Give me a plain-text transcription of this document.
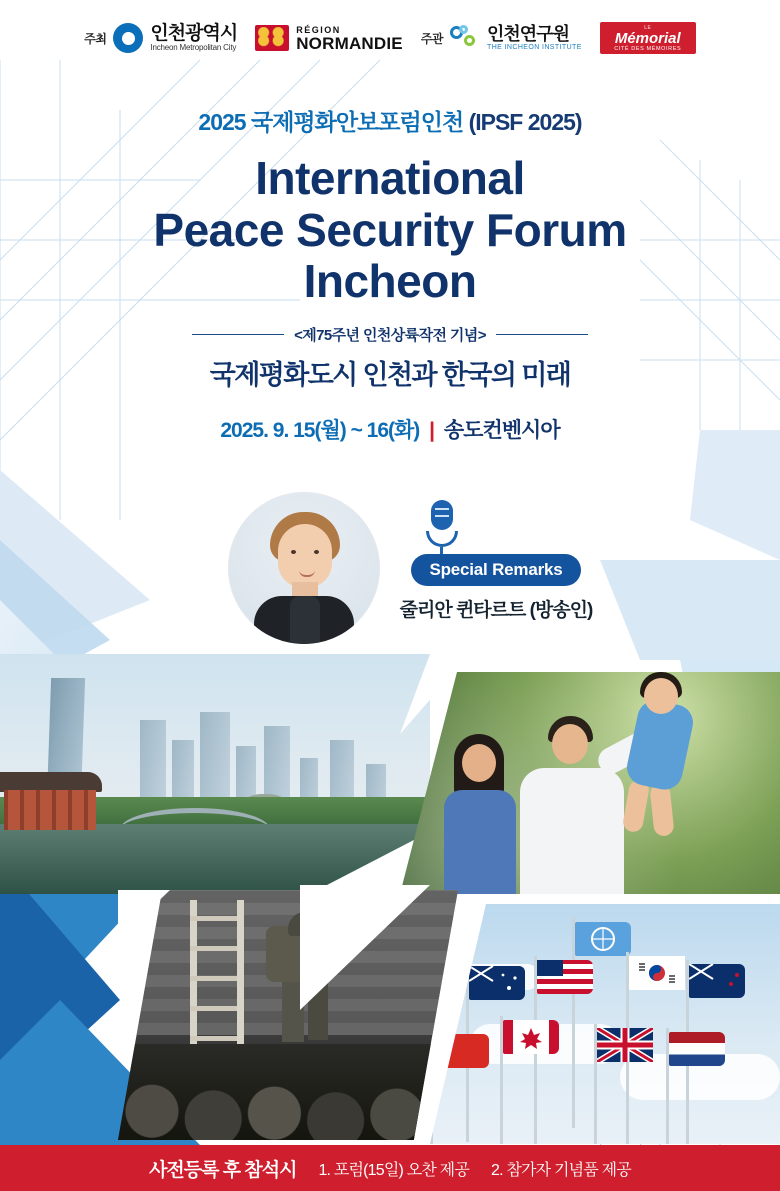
주최 인천광역시
Incheon Metropolitan City
RÉGION
NORMANDIE 주관 인천연구원
THE INCHEON INSTITUTE
LE
Mémorial
CITÉ DES MÉMOIRES
2025 국제평화안보포럼인천 (IPSF 2025)
International
Peace Security Forum
Incheon
<제75주년 인천상륙작전 기념>
국제평화도시 인천과 한국의 미래
2025. 9. 15(월) ~ 16(화) | 송도컨벤시아
Special Remarks
줄리안 퀸타르트 (방송인)
사전등록 후 참석시 1. 포럼(15일) 오찬 제공 2. 참가자 기념품 제공
